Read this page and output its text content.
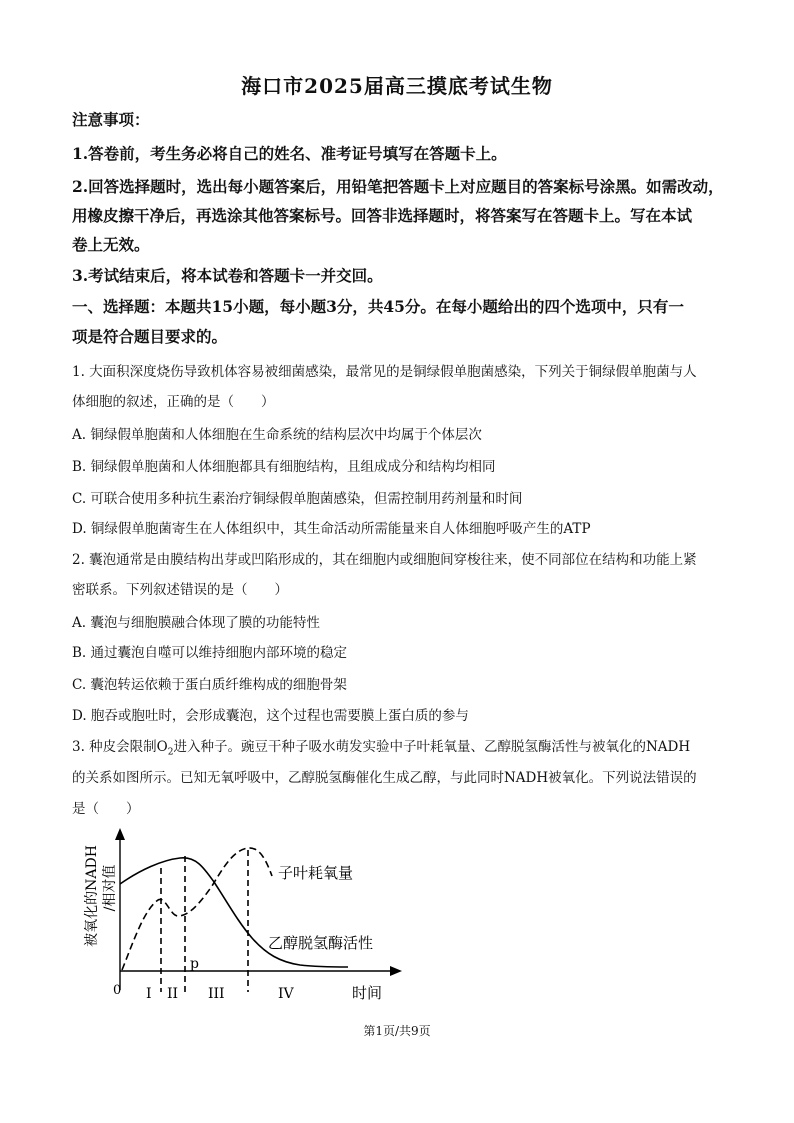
海口市2025届高三摸底考试生物
注意事项：
1.答卷前，考生务必将自己的姓名、准考证号填写在答题卡上。
2.回答选择题时，选出每小题答案后，用铅笔把答题卡上对应题目的答案标号涂黑。如需改动，
用橡皮擦干净后，再选涂其他答案标号。回答非选择题时，将答案写在答题卡上。写在本试
卷上无效。
3.考试结束后，将本试卷和答题卡一并交回。
一、选择题：本题共15小题，每小题3分，共45分。在每小题给出的四个选项中，只有一
项是符合题目要求的。
1. 大面积深度烧伤导致机体容易被细菌感染，最常见的是铜绿假单胞菌感染，下列关于铜绿假单胞菌与人
体细胞的叙述，正确的是（　　）
A. 铜绿假单胞菌和人体细胞在生命系统的结构层次中均属于个体层次
B. 铜绿假单胞菌和人体细胞都具有细胞结构，且组成成分和结构均相同
C. 可联合使用多种抗生素治疗铜绿假单胞菌感染，但需控制用药剂量和时间
D. 铜绿假单胞菌寄生在人体组织中，其生命活动所需能量来自人体细胞呼吸产生的ATP
2. 囊泡通常是由膜结构出芽或凹陷形成的，其在细胞内或细胞间穿梭往来，使不同部位在结构和功能上紧
密联系。下列叙述错误的是（　　）
A. 囊泡与细胞膜融合体现了膜的功能特性
B. 通过囊泡自噬可以维持细胞内部环境的稳定
C. 囊泡转运依赖于蛋白质纤维构成的细胞骨架
D. 胞吞或胞吐时，会形成囊泡，这个过程也需要膜上蛋白质的参与
3. 种皮会限制$O_2$进入种子。豌豆干种子吸水萌发实验中子叶耗氧量、乙醇脱氢酶活性与被氧化的NADH
的关系如图所示。已知无氧呼吸中，乙醇脱氢酶催化生成乙醇，与此同时NADH被氧化。下列说法错误的
是（　　）
被氧化的NADH /相对值
p
0 I II III	IV	时间
子叶耗氧量
乙醇脱氢酶活性
第1页/共9页
